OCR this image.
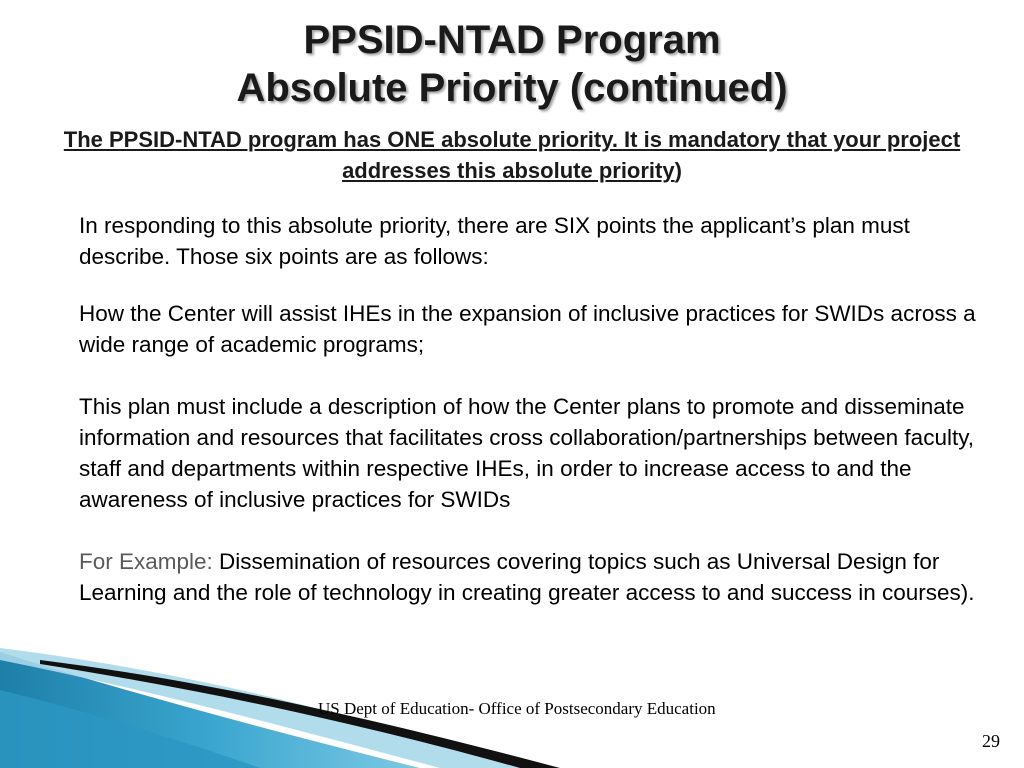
PPSID-NTAD Program
Absolute Priority (continued)
The PPSID-NTAD program has ONE absolute priority. It is mandatory that your project addresses this absolute priority)

In responding to this absolute priority, there are SIX points the applicant’s plan must describe. Those six points are as follows:

How the Center will assist IHEs in the expansion of inclusive practices for SWIDs across a wide range of academic programs;

This plan must include a description of how the Center plans to promote and disseminate information and resources that facilitates cross collaboration/partnerships between faculty, staff and departments within respective IHEs, in order to increase access to and the awareness of inclusive practices for SWIDs

For Example: Dissemination of resources covering topics such as Universal Design for Learning and the role of technology in creating greater access to and success in courses).

US Dept of Education- Office of Postsecondary Education
29
